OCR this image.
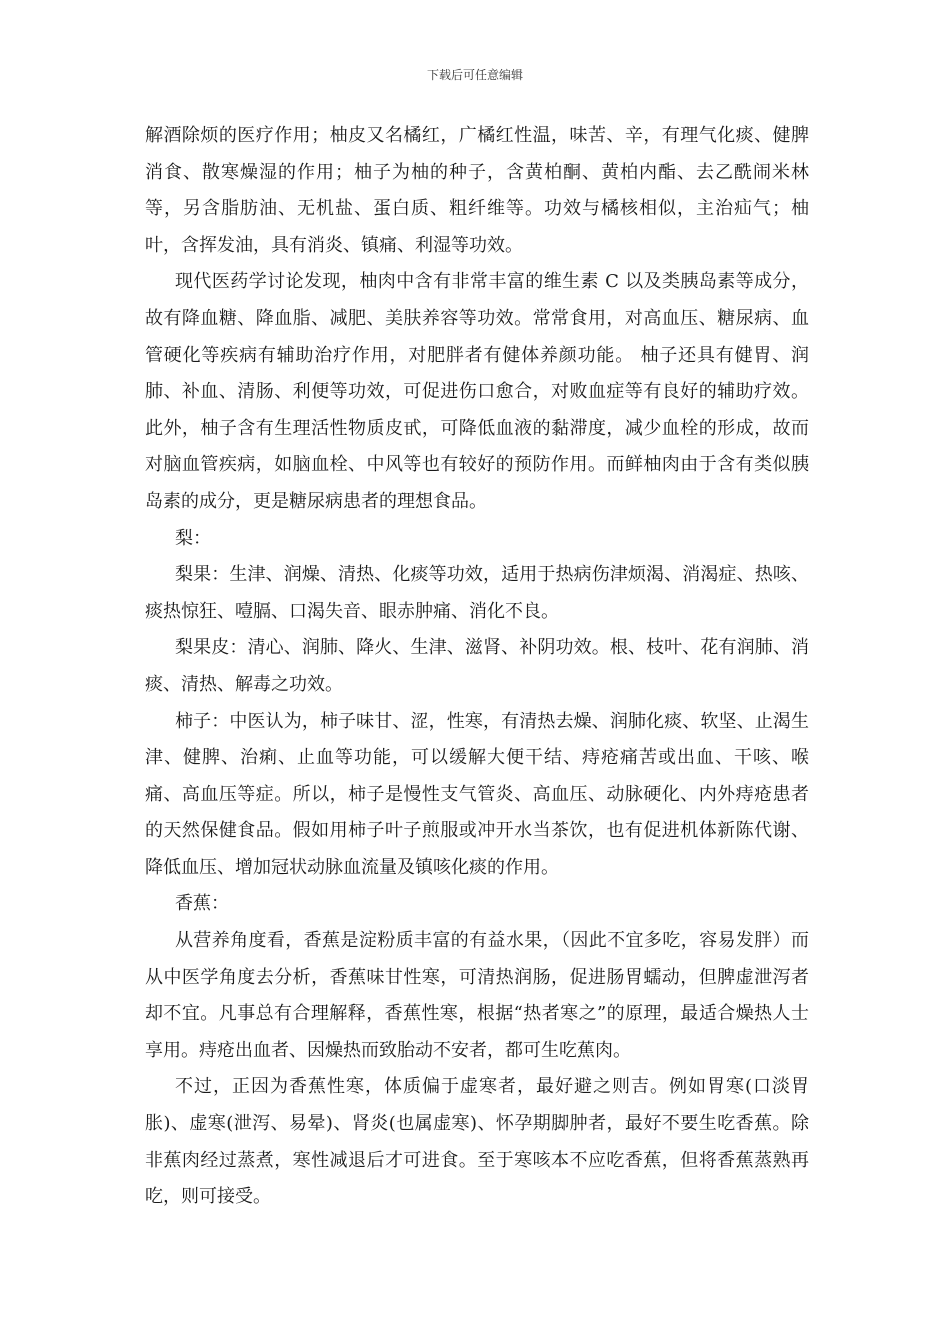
下载后可任意编辑

解酒除烦的医疗作用；柚皮又名橘红，广橘红性温，味苦、辛，有理气化痰、健脾消食、散寒燥湿的作用；柚子为柚的种子，含黄柏酮、黄柏内酯、去乙酰闹米林等，另含脂肪油、无机盐、蛋白质、粗纤维等。功效与橘核相似，主治疝气；柚叶，含挥发油，具有消炎、镇痛、利湿等功效。

现代医药学讨论发现，柚肉中含有非常丰富的维生素 C 以及类胰岛素等成分，故有降血糖、降血脂、减肥、美肤养容等功效。常常食用，对高血压、糖尿病、血管硬化等疾病有辅助治疗作用，对肥胖者有健体养颜功能。 柚子还具有健胃、润肺、补血、清肠、利便等功效，可促进伤口愈合，对败血症等有良好的辅助疗效。此外，柚子含有生理活性物质皮甙，可降低血液的黏滞度，减少血栓的形成，故而对脑血管疾病，如脑血栓、中风等也有较好的预防作用。而鲜柚肉由于含有类似胰岛素的成分，更是糖尿病患者的理想食品。

梨：

梨果：生津、润燥、清热、化痰等功效，适用于热病伤津烦渴、消渴症、热咳、痰热惊狂、噎膈、口渴失音、眼赤肿痛、消化不良。

梨果皮：清心、润肺、降火、生津、滋肾、补阴功效。根、枝叶、花有润肺、消痰、清热、解毒之功效。

柿子：中医认为，柿子味甘、涩，性寒，有清热去燥、润肺化痰、软坚、止渴生津、健脾、治痢、止血等功能，可以缓解大便干结、痔疮痛苦或出血、干咳、喉痛、高血压等症。所以，柿子是慢性支气管炎、高血压、动脉硬化、内外痔疮患者的天然保健食品。假如用柿子叶子煎服或冲开水当茶饮，也有促进机体新陈代谢、降低血压、增加冠状动脉血流量及镇咳化痰的作用。

香蕉：

从营养角度看，香蕉是淀粉质丰富的有益水果，（因此不宜多吃，容易发胖）而从中医学角度去分析，香蕉味甘性寒，可清热润肠，促进肠胃蠕动，但脾虚泄泻者却不宜。凡事总有合理解释，香蕉性寒，根据“热者寒之”的原理，最适合燥热人士享用。痔疮出血者、因燥热而致胎动不安者，都可生吃蕉肉。

不过，正因为香蕉性寒，体质偏于虚寒者，最好避之则吉。例如胃寒(口淡胃胀)、虚寒(泄泻、易晕)、肾炎(也属虚寒)、怀孕期脚肿者，最好不要生吃香蕉。除非蕉肉经过蒸煮，寒性减退后才可进食。至于寒咳本不应吃香蕉，但将香蕉蒸熟再吃，则可接受。
